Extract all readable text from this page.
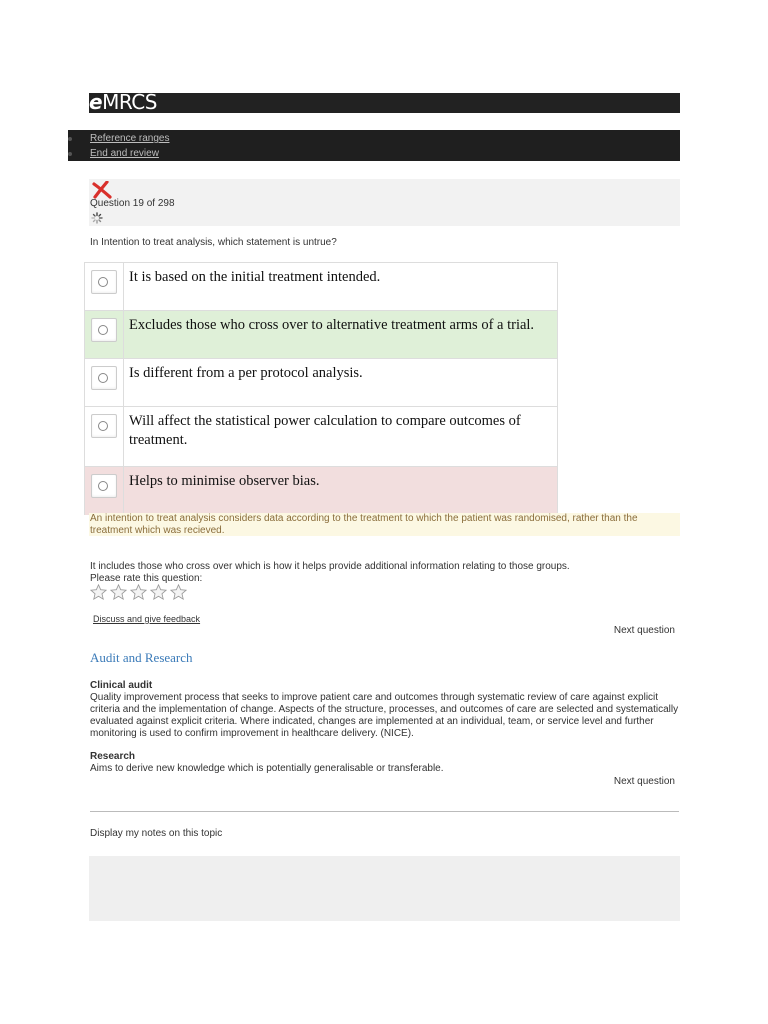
eMRCS
Reference ranges
End and review
Question 19 of 298
In Intention to treat analysis, which statement is untrue?
It is based on the initial treatment intended.
Excludes those who cross over to alternative treatment arms of a trial.
Is different from a per protocol analysis.
Will affect the statistical power calculation to compare outcomes of treatment.
Helps to minimise observer bias.
An intention to treat analysis considers data according to the treatment to which the patient was randomised, rather than the
treatment which was recieved.
It includes those who cross over which is how it helps provide additional information relating to those groups.
Please rate this question:
Discuss and give feedback
Next question
Audit and Research
Clinical audit
Quality improvement process that seeks to improve patient care and outcomes through systematic review of care against explicit criteria and the implementation of change. Aspects of the structure, processes, and outcomes of care are selected and systematically evaluated against explicit criteria. Where indicated, changes are implemented at an individual, team, or service level and further monitoring is used to confirm improvement in healthcare delivery. (NICE).
Research
Aims to derive new knowledge which is potentially generalisable or transferable.
Next question
Display my notes on this topic
